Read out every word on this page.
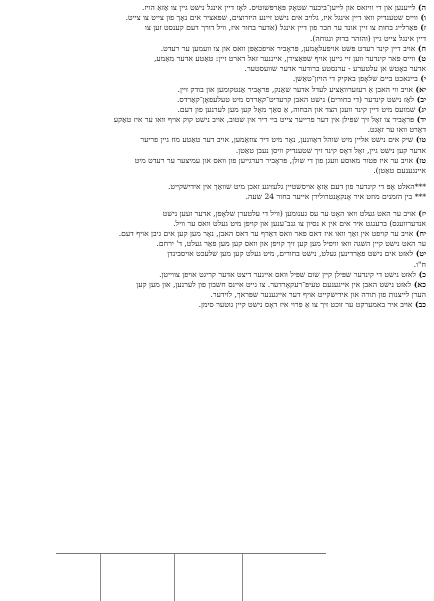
ה) לייענען און די וויזאס און לייען־ביכער שטאָק פּאַרפּשוטיס. לאָז דיין אינגל נישט גיין צו אַזאַ הויז.
ו) ווייס שטענדיק וואו דיין אינגל איז, גלויב אים נישט זיינע היזרוצים, שפאציר אים נאָך פון צייט צו צייט.
ז) פּאַרלייג בחות צו זיין אונד ער חבר פון דיין אינגל (אדער בחור איז, וויל דורך דעם קענסט זען צו
דיין אינגל צייט גיין (והזהר בדוק ונגוחה).
ח) אויב דיין קינד רעדט פּשט אויפעלאָמען, פּראָביר אויפכאַפּן וואס און צו וועמען ער רעדט.
ט) ווייס פאר קינדער ווען זיי גייען אויף שפּאַצירן, אייננער זאל דארט זיין: טאַטע אדער מאַמע,
אדער כאָטש אן עלטערע - ערנסטע ברודער אדער שוועסטער.
י) ביינאכט ביים שלאָפן באקיק די הויזן־טאַשן.
יא) אויב ווי האבן אַ רעזערוואַציע לעדל אדער שאַנק, פּראָביר אַנטקומען און בודק זיין.
יב) לאַז נישט קינדער (די בחורים) נישט האבן קרעדיט־קאַרדס מיט טעלעפאָן־קאַרדס.
יג) שמועס מיט דיין קינד וועגן הצד און הבחוה, אַ סאַך מאָל קען מען לערנען פון דעם.
יד) פּראָביר צו זאָל זיך שפּילן אין דער פרייער צייט ביי דיר אין שטוב, אויב נישט קוק אויף וואו ער איז טאַקע
דאַרט וואו ער זאָגט.
טו) שיק אים נישט אליין מיט שוהל דאַוונען, נאָר מיט דיר צוזאַמען, אויב דער טאַטע מוז גיין פריער
אדער קען נישט גיין, זאָל דאָס קינד זיך שטענדיק וויסן נעבן טאַטן.
טז) אויב ער איז פּטור מאוסע וועגן פון די שולן, פּראָביר דערגייען פון וואס און עמיצער ער רעדט מיט
איינגענעם טאַטן).
***האלט אָפּ די קינדער פון דעם אַזאָ אויסשטיין גלעזיגע זאכן מיט שוואַך אין אידישקייט.
*** בין הזמנים מוזט איר אָנקאָנטרולירן אייער בחור 24 שעה.
יז) אויב ער האט געלט וואו האָט ער עס גענומען (וויל די עלטערן שלאָפן, אדער זעען נישט
אנדערוועגס) ברענגט איר אים אין א נסיון צו גנב־ענען און קויפן מיט געלט וואס ער וויל.
יח) אויב ער קויפט אין זאַך וואו איז דאס פאר וואס דאַרף ער דאס האבן, נאָר מען קען אים גיבן אויף דעם.
ער האט נישט קיין השגה וואו וויפיל מען קען זיך קויפן און וואס קען מען פאַר געלט, ד' ירחם.
יט) לאזט אים נישט פאַרדינען געלט, נישט בחורים, מיט געלט קען מען שלעכט אויסבינדן
ח"ו.
כ) לאזט נישט די קינדער שפּילן קיין שום שפּיל וואס איינער דיצט אדער קריגט אויפן צווייטן.
כא) לאזט נישט האבן אין אייגענעם טעיפּ־רעקאָרדער. צו גייט איינס חשבון פון לערנען, און מען קען
הערן לייצנות פון תורה און אידישקייט אויף דער אייגענער שפּראך, לוידער.
כב) אויב איר באמערקט ער זוכט זיך צו אַ פרוי איז דאָס נישט קיין גוטער סימן.
